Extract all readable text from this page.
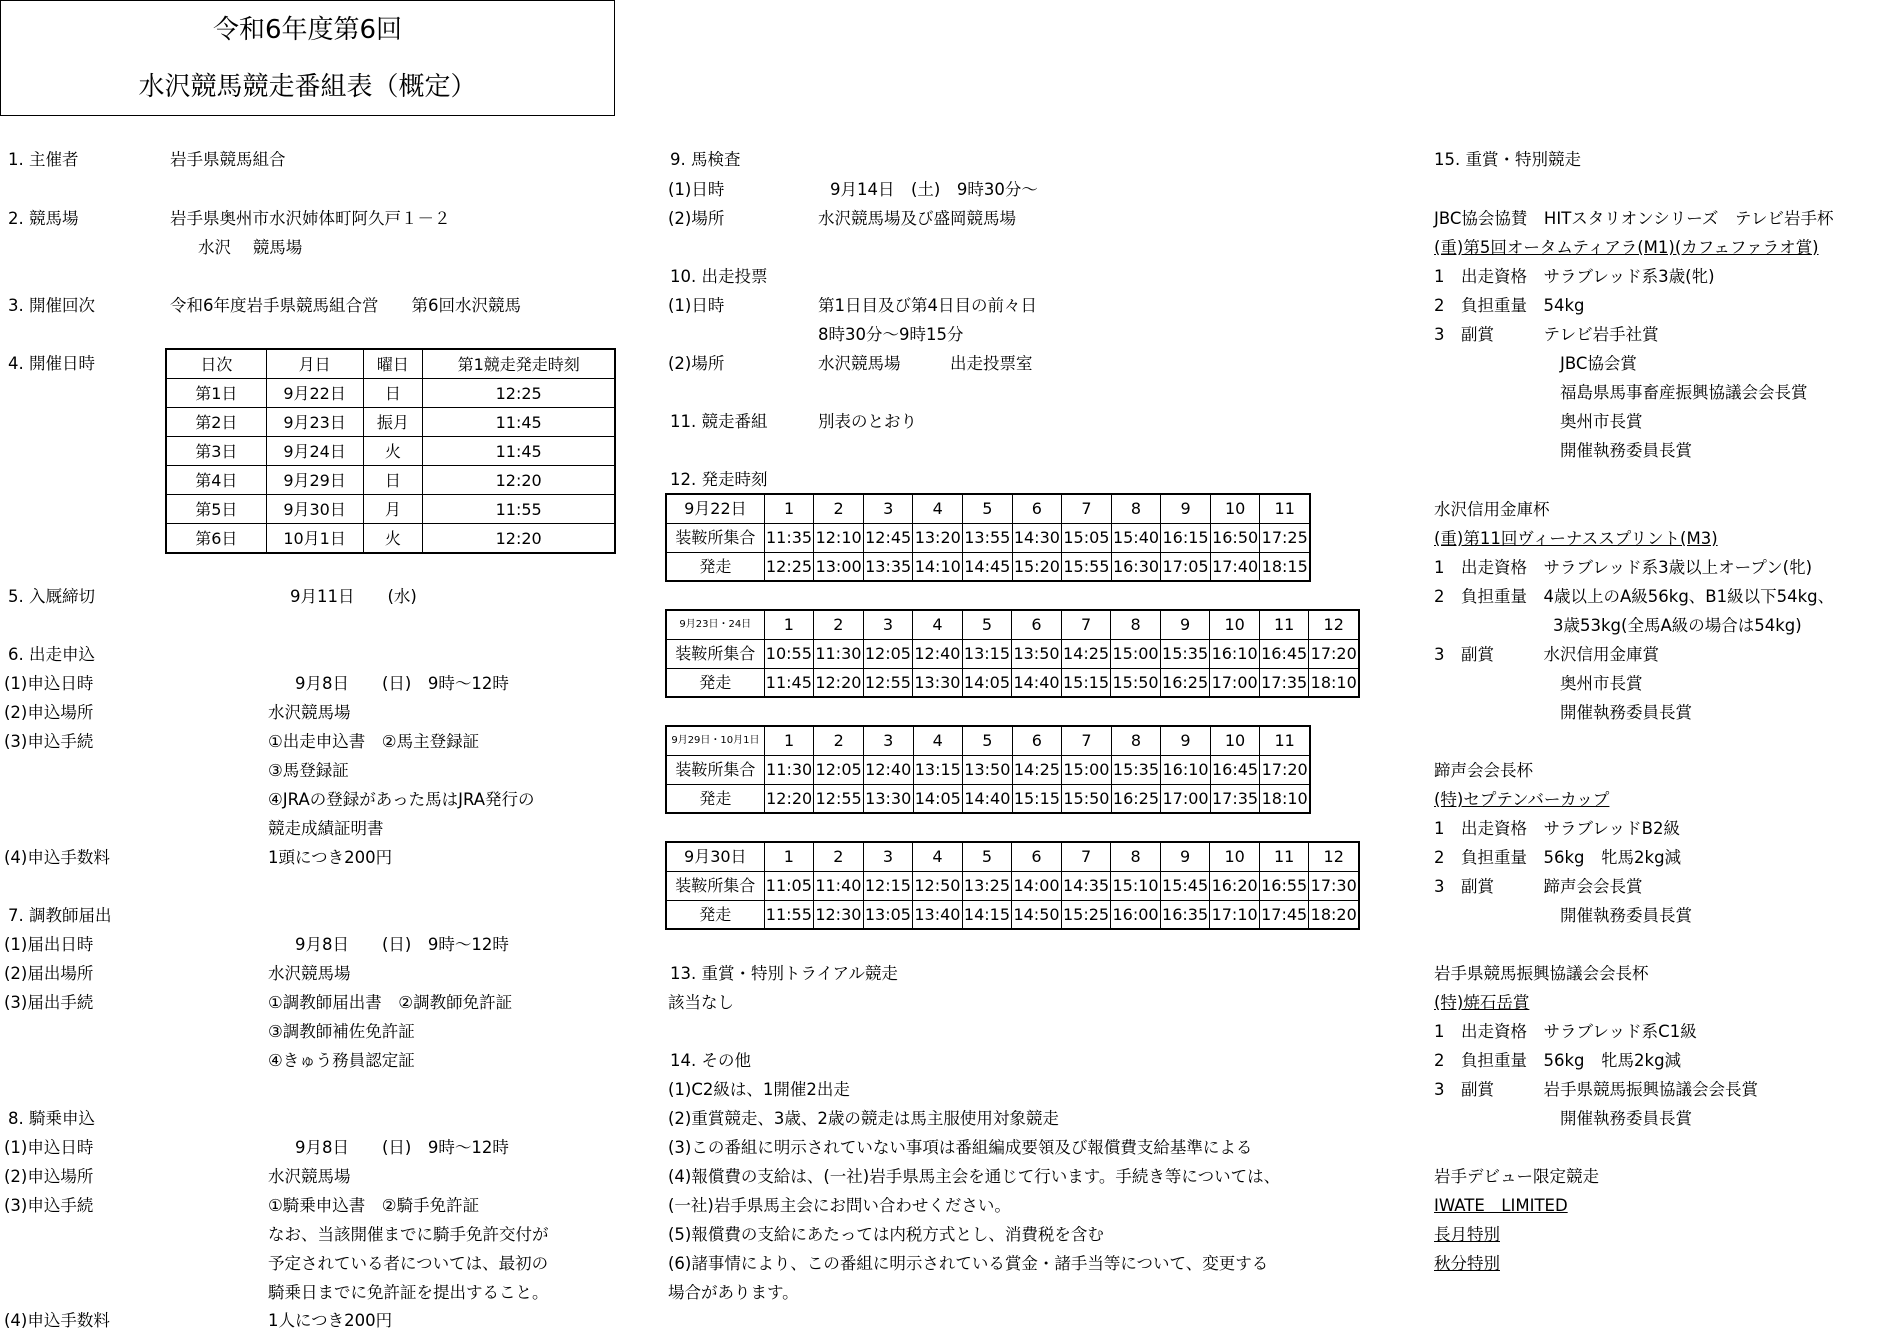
令和6年度第6回
水沢競馬競走番組表（概定）
1. 主催者	岩手県競馬組合
2. 競馬場	岩手県奥州市水沢姉体町阿久戸１－２
水沢　 競馬場
3. 開催回次	令和6年度岩手県競馬組合営　　第6回水沢競馬
4. 開催日時	日次	月日	曜日	第1競走発走時刻
第1日	9月22日	日	12:25
第2日	9月23日	振月	11:45
第3日	9月24日	火	11:45
第4日	9月29日	日	12:20
第5日	9月30日	月	11:55
第6日	10月1日	火	12:20
5. 入厩締切	9月11日　　(水)
6. 出走申込
(1)申込日時	9月8日　　(日)　9時～12時
(2)申込場所	水沢競馬場
(3)申込手続	①出走申込書　②馬主登録証
③馬登録証
④JRAの登録があった馬はJRA発行の
競走成績証明書
(4)申込手数料	1頭につき200円
7. 調教師届出
(1)届出日時	9月8日　　(日)　9時～12時
(2)届出場所	水沢競馬場
(3)届出手続	①調教師届出書　②調教師免許証
③調教師補佐免許証
④きゅう務員認定証
8. 騎乗申込
(1)申込日時	9月8日　　(日)　9時～12時
(2)申込場所	水沢競馬場
(3)申込手続	①騎乗申込書　②騎手免許証
なお、当該開催までに騎手免許交付が
予定されている者については、最初の
騎乗日までに免許証を提出すること。
(4)申込手数料	1人につき200円
9. 馬検査
(1)日時	9月14日　(土)　9時30分～
(2)場所	水沢競馬場及び盛岡競馬場
10. 出走投票
(1)日時	第1日目及び第4日目の前々日
8時30分～9時15分
(2)場所	水沢競馬場　　　出走投票室
11. 競走番組	別表のとおり
12. 発走時刻
9月22日	1	2	3	4	5	6	7	8	9	10	11
装鞍所集合	11:35	12:10	12:45	13:20	13:55	14:30	15:05	15:40	16:15	16:50	17:25
発走	12:25	13:00	13:35	14:10	14:45	15:20	15:55	16:30	17:05	17:40	18:15
9月23日・24日	1	2	3	4	5	6	7	8	9	10	11	12
装鞍所集合	10:55	11:30	12:05	12:40	13:15	13:50	14:25	15:00	15:35	16:10	16:45	17:20
発走	11:45	12:20	12:55	13:30	14:05	14:40	15:15	15:50	16:25	17:00	17:35	18:10
9月29日・10月1日	1	2	3	4	5	6	7	8	9	10	11
装鞍所集合	11:30	12:05	12:40	13:15	13:50	14:25	15:00	15:35	16:10	16:45	17:20
発走	12:20	12:55	13:30	14:05	14:40	15:15	15:50	16:25	17:00	17:35	18:10
9月30日	1	2	3	4	5	6	7	8	9	10	11	12
装鞍所集合	11:05	11:40	12:15	12:50	13:25	14:00	14:35	15:10	15:45	16:20	16:55	17:30
発走	11:55	12:30	13:05	13:40	14:15	14:50	15:25	16:00	16:35	17:10	17:45	18:20
13. 重賞・特別トライアル競走
該当なし
14. その他
(1)C2級は、1開催2出走
(2)重賞競走、3歳、2歳の競走は馬主服使用対象競走
(3)この番組に明示されていない事項は番組編成要領及び報償費支給基準による
(4)報償費の支給は、(一社)岩手県馬主会を通じて行います。手続き等については、
(一社)岩手県馬主会にお問い合わせください。
(5)報償費の支給にあたっては内税方式とし、消費税を含む
(6)諸事情により、この番組に明示されている賞金・諸手当等について、変更する
場合があります。
15. 重賞・特別競走
JBC協会協賛　HITスタリオンシリーズ　テレビ岩手杯
(重)第5回オータムティアラ(M1)(カフェファラオ賞)
1　出走資格　サラブレッド系3歳(牝)
2　負担重量　54kg
3　副賞　　　テレビ岩手社賞
JBC協会賞
福島県馬事畜産振興協議会会長賞
奥州市長賞
開催執務委員長賞
水沢信用金庫杯
(重)第11回ヴィーナススプリント(M3)
1　出走資格　サラブレッド系3歳以上オープン(牝)
2　負担重量　4歳以上のA級56kg、B1級以下54kg、
3歳53kg(全馬A級の場合は54kg)
3　副賞　　　水沢信用金庫賞
奥州市長賞
開催執務委員長賞
蹄声会会長杯
(特)セプテンバーカップ
1　出走資格　サラブレッドB2級
2　負担重量　56kg　牝馬2kg減
3　副賞　　　蹄声会会長賞
開催執務委員長賞
岩手県競馬振興協議会会長杯
(特)焼石岳賞
1　出走資格　サラブレッド系C1級
2　負担重量　56kg　牝馬2kg減
3　副賞　　　岩手県競馬振興協議会会長賞
開催執務委員長賞
岩手デビュー限定競走
IWATE　LIMITED
長月特別
秋分特別
